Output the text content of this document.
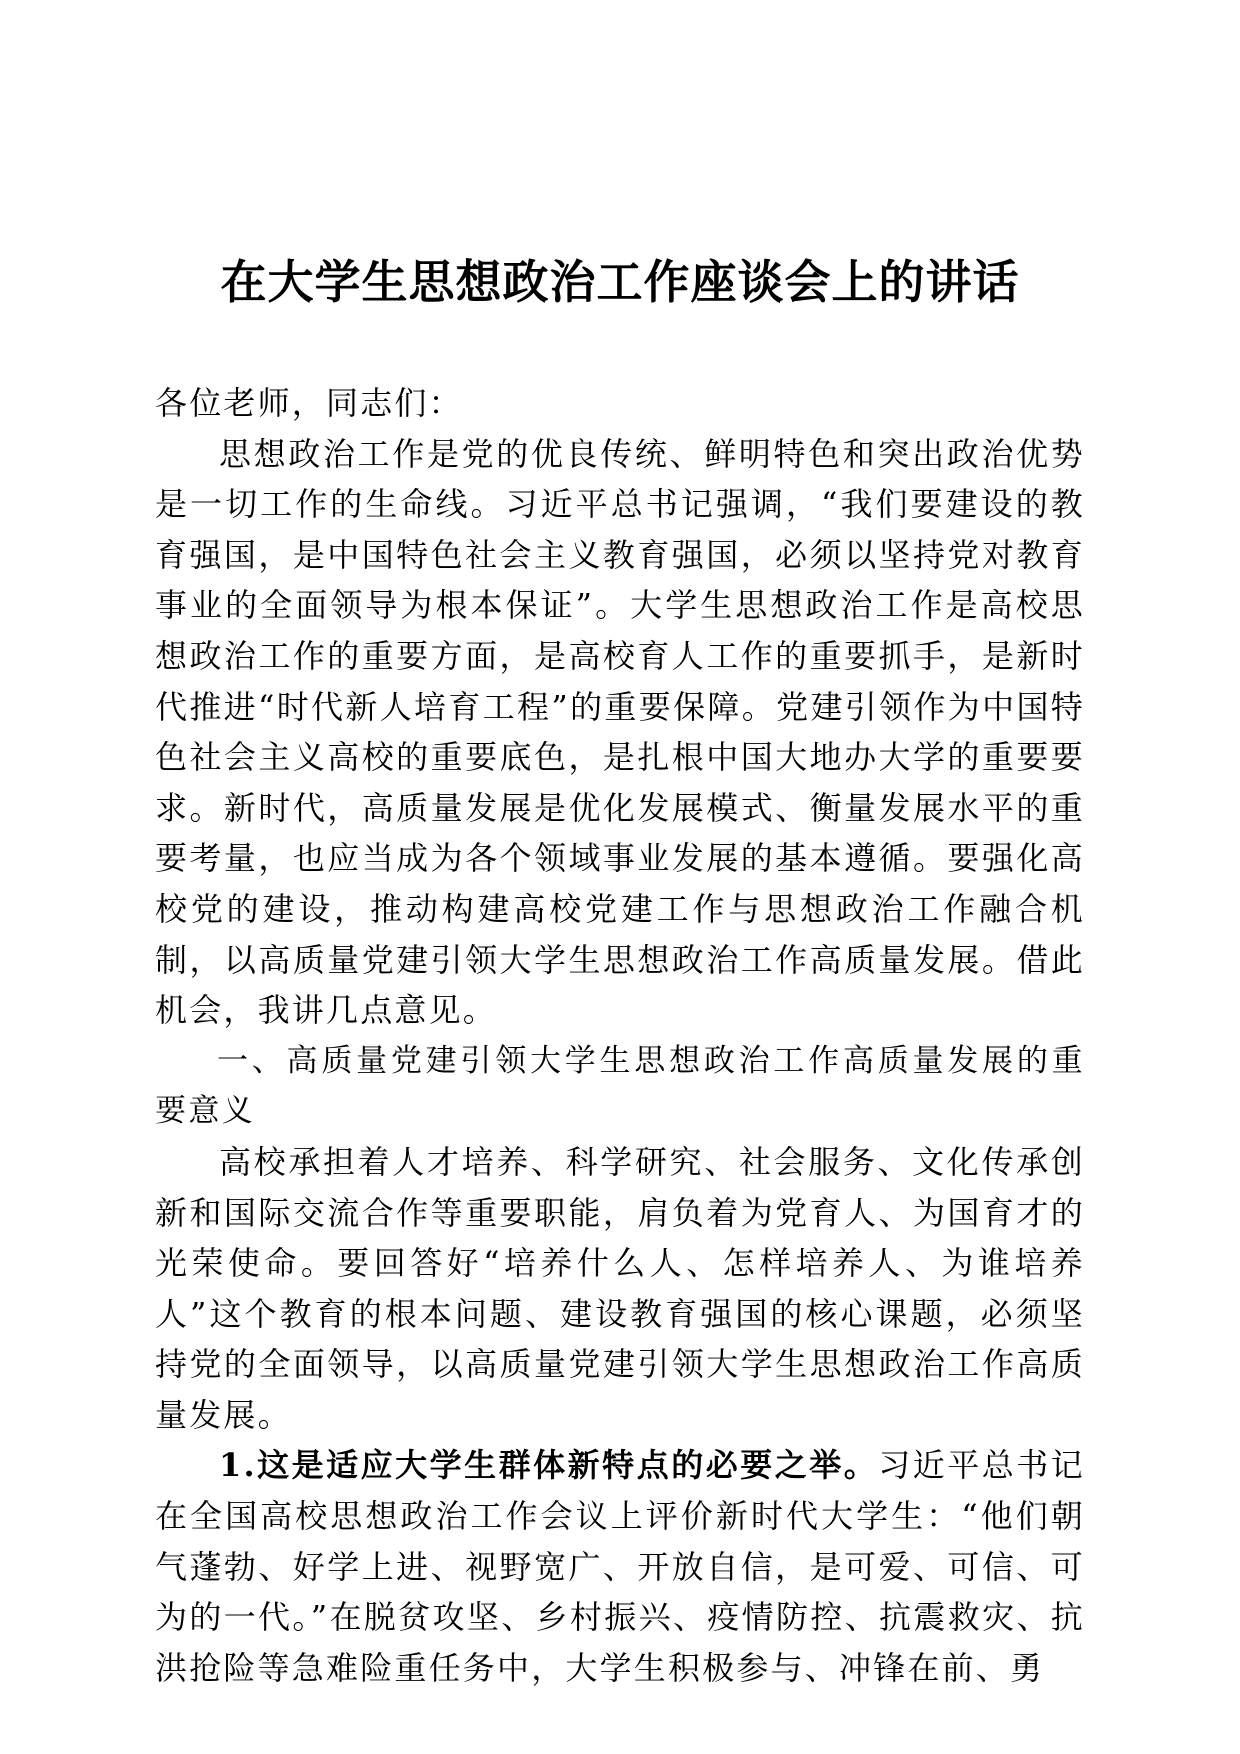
在大学生思想政治工作座谈会上的讲话

各位老师，同志们：

思想政治工作是党的优良传统、鲜明特色和突出政治优势是一切工作的生命线。习近平总书记强调，“我们要建设的教育强国，是中国特色社会主义教育强国，必须以坚持党对教育事业的全面领导为根本保证”。大学生思想政治工作是高校思想政治工作的重要方面，是高校育人工作的重要抓手，是新时代推进“时代新人培育工程”的重要保障。党建引领作为中国特色社会主义高校的重要底色，是扎根中国大地办大学的重要要求。新时代，高质量发展是优化发展模式、衡量发展水平的重要考量，也应当成为各个领域事业发展的基本遵循。要强化高校党的建设，推动构建高校党建工作与思想政治工作融合机制，以高质量党建引领大学生思想政治工作高质量发展。借此机会，我讲几点意见。

一、高质量党建引领大学生思想政治工作高质量发展的重要意义

高校承担着人才培养、科学研究、社会服务、文化传承创新和国际交流合作等重要职能，肩负着为党育人、为国育才的光荣使命。要回答好“培养什么人、怎样培养人、为谁培养人”这个教育的根本问题、建设教育强国的核心课题，必须坚持党的全面领导，以高质量党建引领大学生思想政治工作高质量发展。

1.这是适应大学生群体新特点的必要之举。习近平总书记在全国高校思想政治工作会议上评价新时代大学生：“他们朝气蓬勃、好学上进、视野宽广、开放自信，是可爱、可信、可为的一代。”在脱贫攻坚、乡村振兴、疫情防控、抗震救灾、抗洪抢险等急难险重任务中，大学生积极参与、冲锋在前、勇
